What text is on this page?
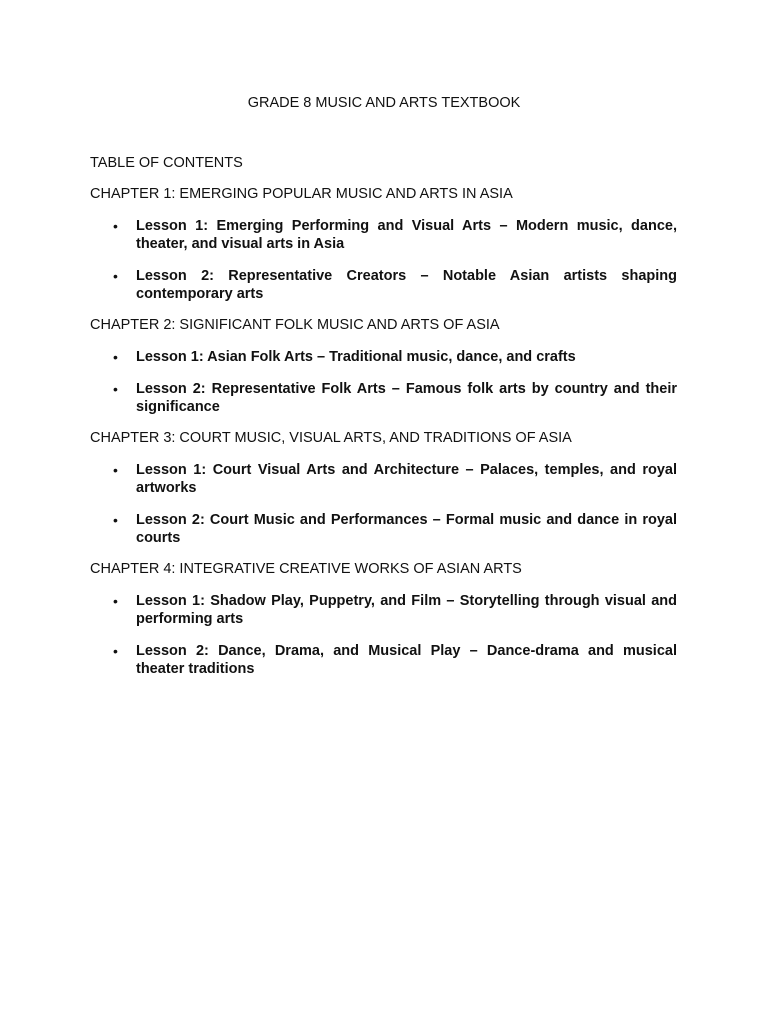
GRADE 8 MUSIC AND ARTS TEXTBOOK
TABLE OF CONTENTS
CHAPTER 1: EMERGING POPULAR MUSIC AND ARTS IN ASIA
• Lesson 1: Emerging Performing and Visual Arts – Modern music, dance, theater, and visual arts in Asia
• Lesson 2: Representative Creators – Notable Asian artists shaping contemporary arts
CHAPTER 2: SIGNIFICANT FOLK MUSIC AND ARTS OF ASIA
• Lesson 1: Asian Folk Arts – Traditional music, dance, and crafts
• Lesson 2: Representative Folk Arts – Famous folk arts by country and their significance
CHAPTER 3: COURT MUSIC, VISUAL ARTS, AND TRADITIONS OF ASIA
• Lesson 1: Court Visual Arts and Architecture – Palaces, temples, and royal artworks
• Lesson 2: Court Music and Performances – Formal music and dance in royal courts
CHAPTER 4: INTEGRATIVE CREATIVE WORKS OF ASIAN ARTS
• Lesson 1: Shadow Play, Puppetry, and Film – Storytelling through visual and performing arts
• Lesson 2: Dance, Drama, and Musical Play – Dance-drama and musical theater traditions
